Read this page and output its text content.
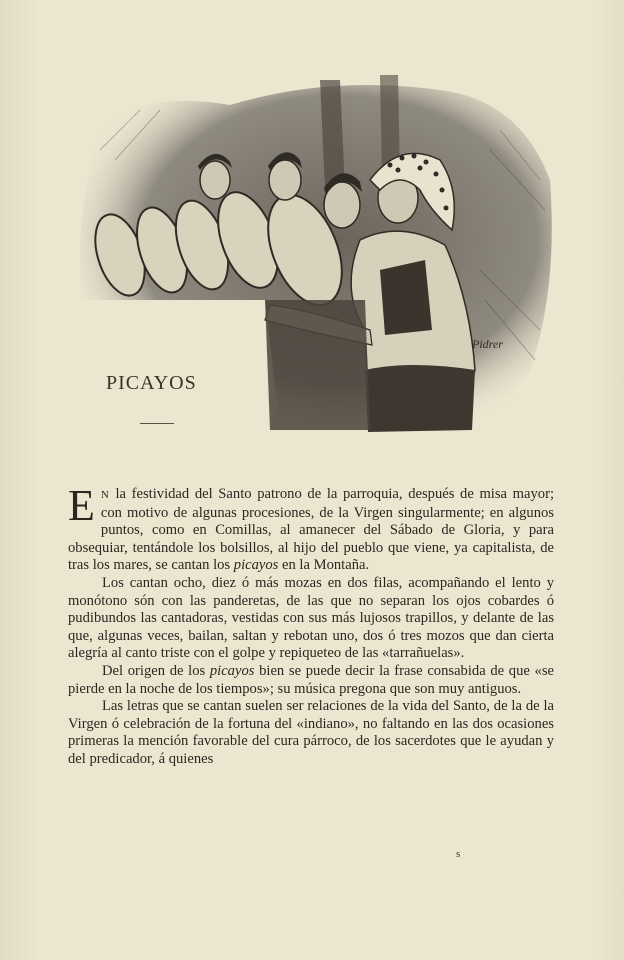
Pidrer
PICAYOS

E N la festividad del Santo patrono de la parroquia, después de misa mayor; con motivo de algunas procesiones, de la Virgen singularmente; en algunos puntos, como en Comillas, al amanecer del Sábado de Gloria, y para obsequiar, tentándole los bolsillos, al hijo del pueblo que viene, ya capitalista, de tras los mares, se cantan los picayos en la Montaña.

Los cantan ocho, diez ó más mozas en dos filas, acompañando el lento y monótono són con las panderetas, de las que no separan los ojos cobardes ó pudibundos las cantadoras, vestidas con sus más lujosos trapillos, y delante de las que, algunas veces, bailan, saltan y rebotan uno, dos ó tres mozos que dan cierta alegría al canto triste con el golpe y repiqueteo de las «tarrañuelas».

Del origen de los picayos bien se puede decir la frase consabida de que «se pierde en la noche de los tiempos»; su música pregona que son muy antiguos.

Las letras que se cantan suelen ser relaciones de la vida del Santo, de la de la Virgen ó celebración de la fortuna del «indiano», no faltando en las dos ocasiones primeras la mención favorable del cura párroco, de los sacerdotes que le ayudan y del predicador, á quienes

s
